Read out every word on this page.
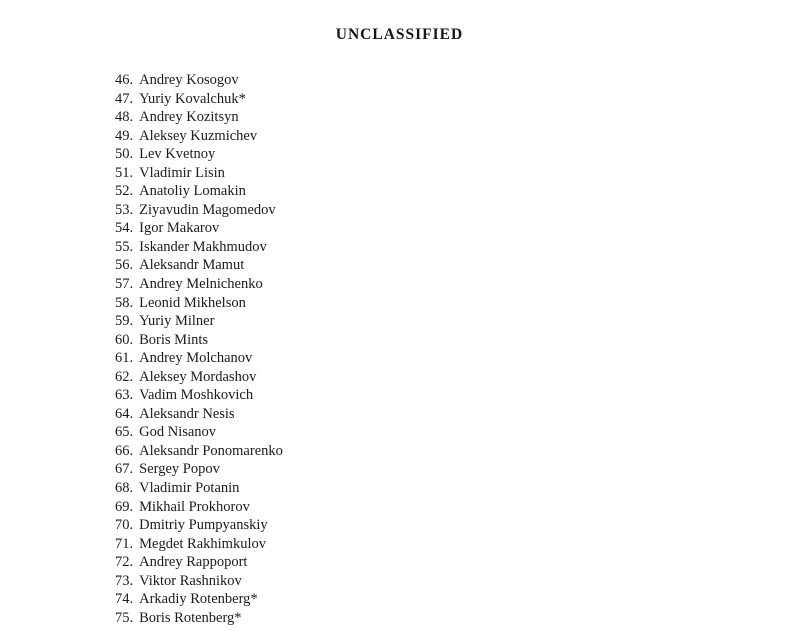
UNCLASSIFIED
46. Andrey Kosogov
47. Yuriy Kovalchuk*
48. Andrey Kozitsyn
49. Aleksey Kuzmichev
50. Lev Kvetnoy
51. Vladimir Lisin
52. Anatoliy Lomakin
53. Ziyavudin Magomedov
54. Igor Makarov
55. Iskander Makhmudov
56. Aleksandr Mamut
57. Andrey Melnichenko
58. Leonid Mikhelson
59. Yuriy Milner
60. Boris Mints
61. Andrey Molchanov
62. Aleksey Mordashov
63. Vadim Moshkovich
64. Aleksandr Nesis
65. God Nisanov
66. Aleksandr Ponomarenko
67. Sergey Popov
68. Vladimir Potanin
69. Mikhail Prokhorov
70. Dmitriy Pumpyanskiy
71. Megdet Rakhimkulov
72. Andrey Rappoport
73. Viktor Rashnikov
74. Arkadiy Rotenberg*
75. Boris Rotenberg*
